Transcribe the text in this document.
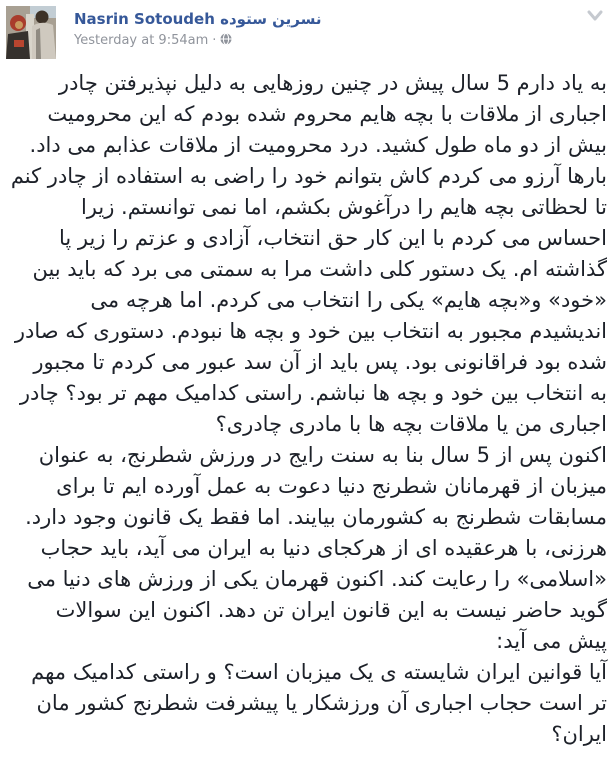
Nasrin Sotoudeh نسرين ستوده
Yesterday at 9:54am ·

به یاد دارم 5 سال پیش در چنین روزهایی به دلیل نپذیرفتن چادر اجباری از ملاقات با بچه هایم محروم شده بودم که این محرومیت بیش از دو ماه طول کشید. درد محرومیت از ملاقات عذابم می داد. بارها آرزو می کردم کاش بتوانم خود را راضی به استفاده از چادر کنم تا لحظاتی بچه هایم را درآغوش بکشم، اما نمی توانستم. زیرا احساس می کردم با این کار حق انتخاب، آزادی و عزتم را زیر پا گذاشته ام. یک دستور کلی داشت مرا به سمتی می برد که باید بین «خود» و«بچه هایم» یکی را انتخاب می کردم. اما هرچه می اندیشیدم مجبور به انتخاب بین خود و بچه ها نبودم. دستوری که صادر شده بود فراقانونی بود. پس باید از آن سد عبور می کردم تا مجبور به انتخاب بین خود و بچه ها نباشم. راستی کدامیک مهم تر بود؟ چادر اجباری من یا ملاقات بچه ها با مادری چادری؟

اکنون پس از 5 سال بنا به سنت رایج در ورزش شطرنج، به عنوان میزبان از قهرمانان شطرنج دنیا دعوت به عمل آورده ایم تا برای مسابقات شطرنج به کشورمان بیایند. اما فقط یک قانون وجود دارد. هرزنی، با هرعقیده ای از هرکجای دنیا به ایران می آید، باید حجاب «اسلامی» را رعایت کند. اکنون قهرمان یکی از ورزش های دنیا می گوید حاضر نیست به این قانون ایران تن دهد. اکنون این سوالات پیش می آید:

آیا قوانین ایران شایسته ی یک میزبان است؟ و راستی کدامیک مهم تر است حجاب اجباری آن ورزشکار یا پیشرفت شطرنج کشور مان ایران؟
